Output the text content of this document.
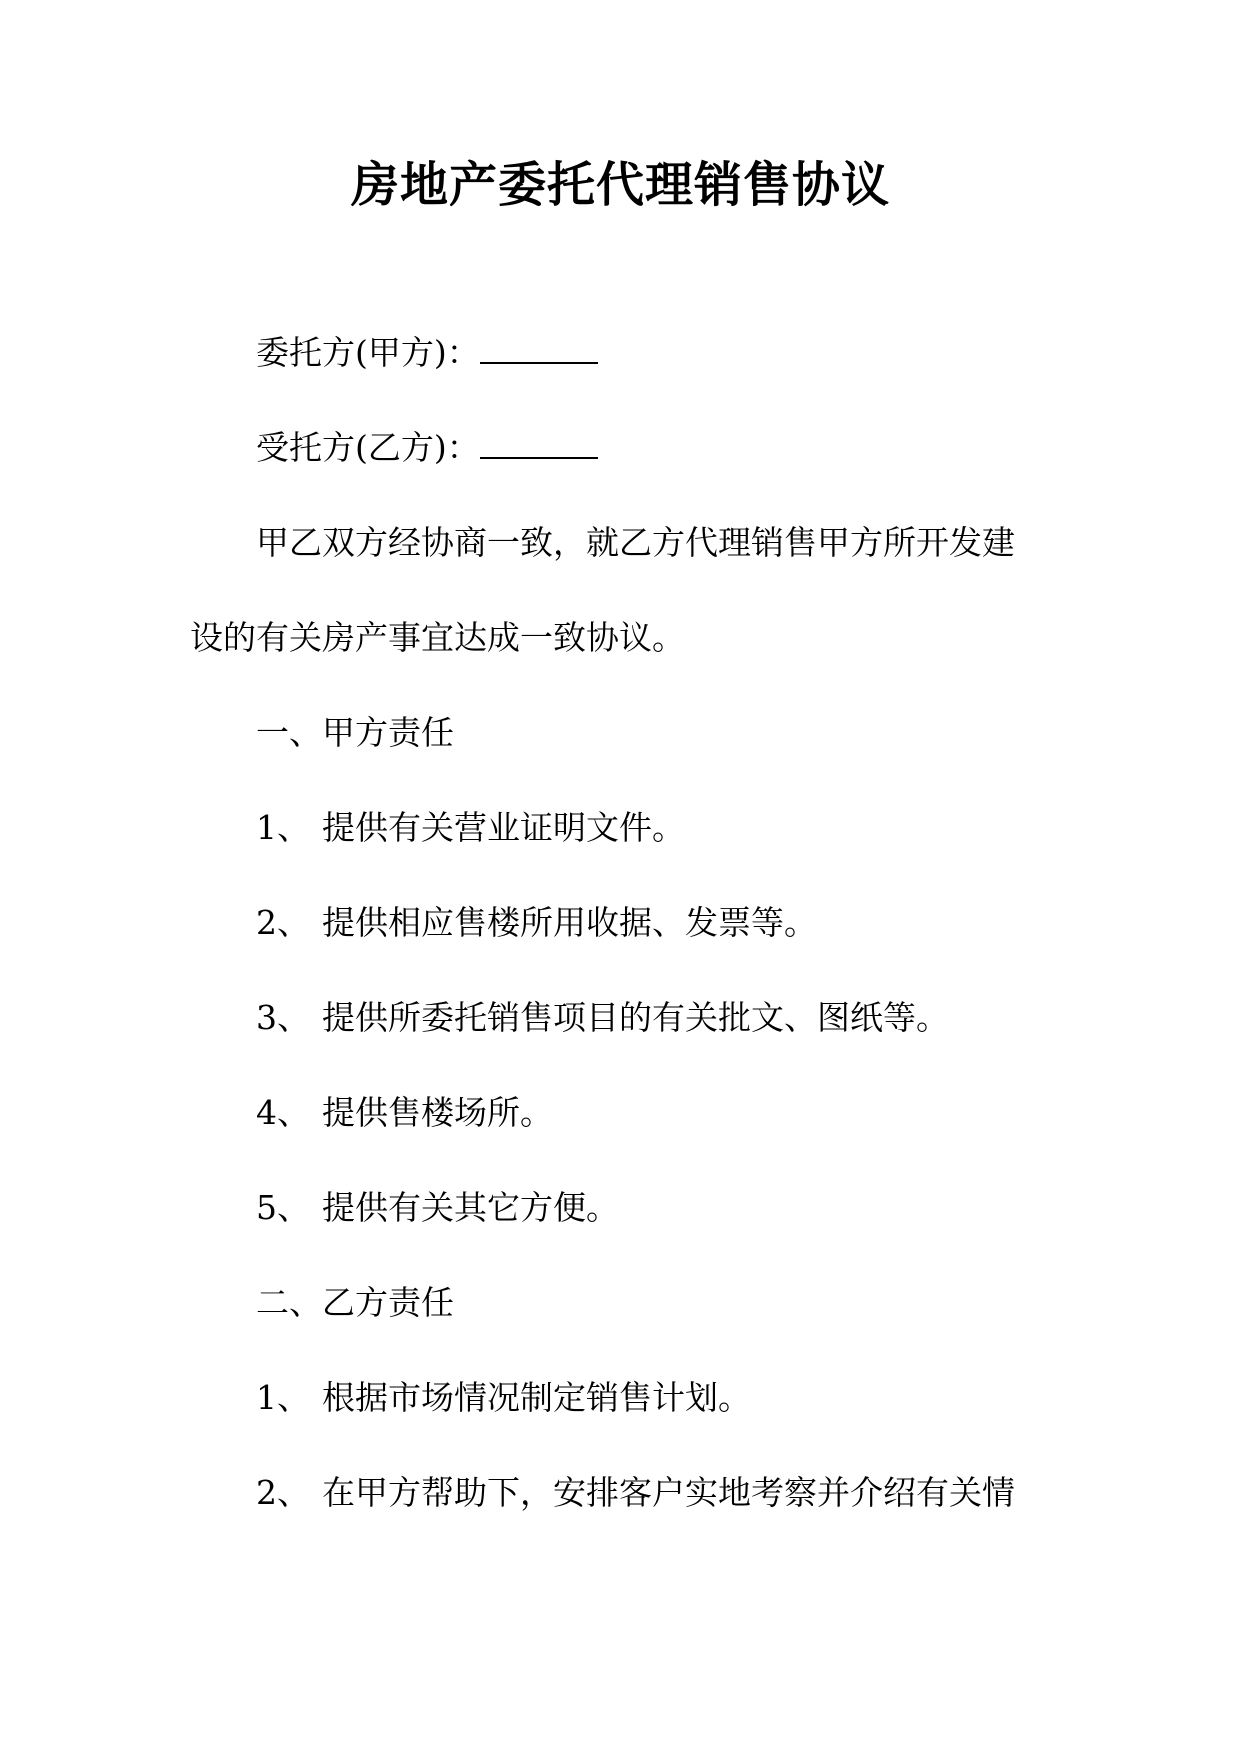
房地产委托代理销售协议

委托方(甲方)：

受托方(乙方)：

甲乙双方经协商一致，就乙方代理销售甲方所开发建设的有关房产事宜达成一致协议。

一、甲方责任

1、 提供有关营业证明文件。

2、 提供相应售楼所用收据、发票等。

3、 提供所委托销售项目的有关批文、图纸等。

4、 提供售楼场所。

5、 提供有关其它方便。

二、乙方责任

1、 根据市场情况制定销售计划。

2、 在甲方帮助下，安排客户实地考察并介绍有关情
